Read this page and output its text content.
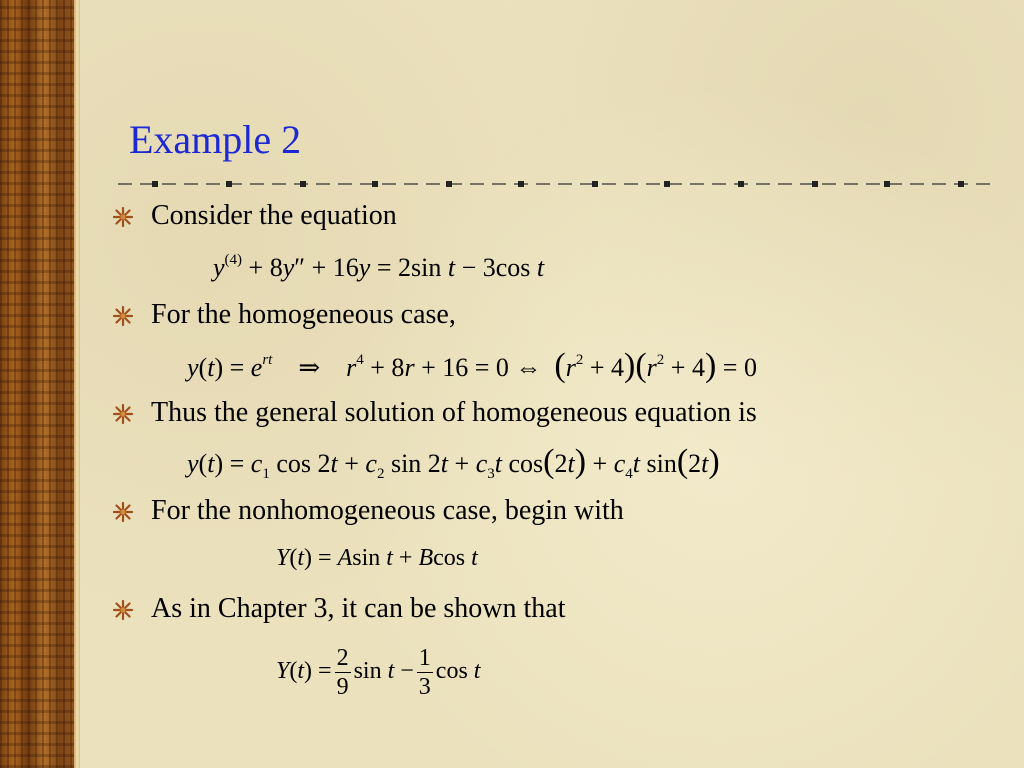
Example 2
Consider the equation
$y^{(4)} + 8y'' + 16y = 2\sin$ t − 3cos t
For the homogeneous case,
$y(t) = e^{rt}$    ⇒    $r^4 + 8r + 16 = 0$ ⇔  $(r^2 + 4)(r^2 + 4) = 0$
Thus the general solution of homogeneous equation is
$y(t) = c_1$ $\cos 2t + c_2$ $\sin 2t + c_3t$ $\cos(2t) + c_4t$ sin(2t)
For the nonhomogeneous case, begin with
Y(t) = Asin t + Bcos t
As in Chapter 3, it can be shown that
$Y(t) = \frac{2}{9}$ $\sin t - \frac{1}{3}$ cos t
